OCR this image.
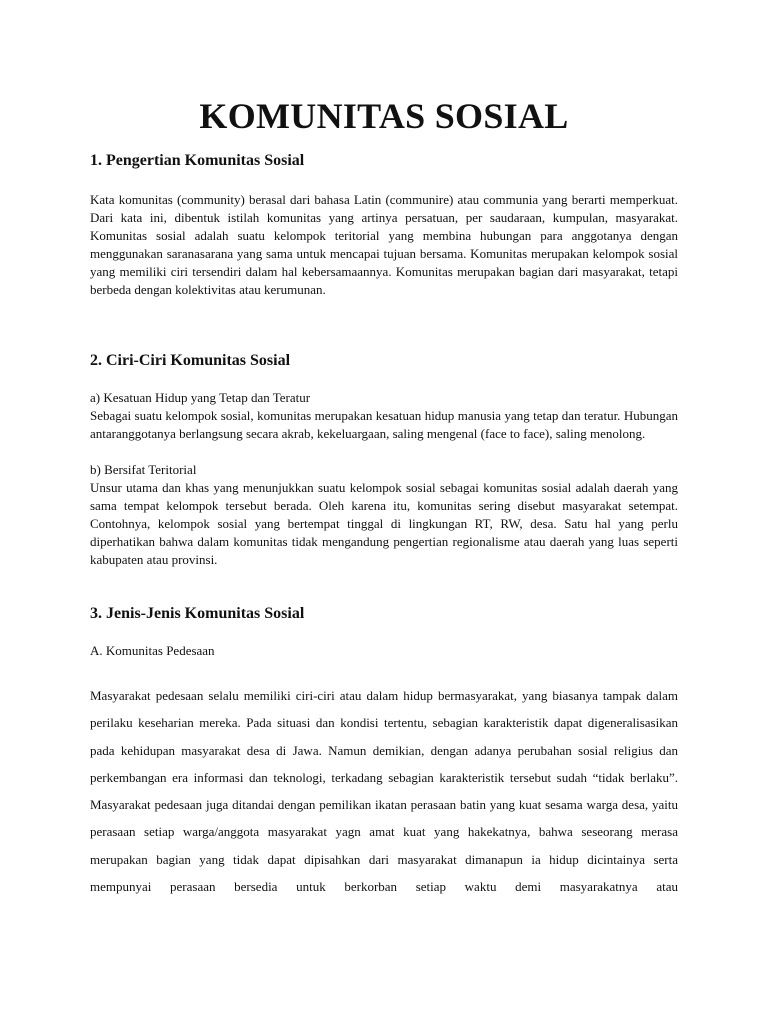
KOMUNITAS SOSIAL
1. Pengertian Komunitas Sosial

Kata komunitas (community) berasal dari bahasa Latin (communire) atau communia yang berarti memperkuat. Dari kata ini, dibentuk istilah komunitas yang artinya persatuan, per saudaraan, kumpulan, masyarakat. Komunitas sosial adalah suatu kelompok teritorial yang membina hubungan para anggotanya dengan menggunakan saranasarana yang sama untuk mencapai tujuan bersama. Komunitas merupakan kelompok sosial yang memiliki ciri tersendiri dalam hal kebersamaannya. Komunitas merupakan bagian dari masyarakat, tetapi berbeda dengan kolektivitas atau kerumunan.

2. Ciri-Ciri Komunitas Sosial

a) Kesatuan Hidup yang Tetap dan Teratur

Sebagai suatu kelompok sosial, komunitas merupakan kesatuan hidup manusia yang tetap dan teratur. Hubungan antaranggotanya berlangsung secara akrab, kekeluargaan, saling mengenal (face to face), saling menolong.

b) Bersifat Teritorial

Unsur utama dan khas yang menunjukkan suatu kelompok sosial sebagai komunitas sosial adalah daerah yang sama tempat kelompok tersebut berada. Oleh karena itu, komunitas sering disebut masyarakat setempat. Contohnya, kelompok sosial yang bertempat tinggal di lingkungan RT, RW, desa. Satu hal yang perlu diperhatikan bahwa dalam komunitas tidak mengandung pengertian regionalisme atau daerah yang luas seperti kabupaten atau provinsi.

3. Jenis-Jenis Komunitas Sosial

A. Komunitas Pedesaan

Masyarakat pedesaan selalu memiliki ciri-ciri atau dalam hidup bermasyarakat, yang biasanya tampak dalam perilaku keseharian mereka. Pada situasi dan kondisi tertentu, sebagian karakteristik dapat digeneralisasikan pada kehidupan masyarakat desa di Jawa. Namun demikian, dengan adanya perubahan sosial religius dan perkembangan era informasi dan teknologi, terkadang sebagian karakteristik tersebut sudah “tidak berlaku”. Masyarakat pedesaan juga ditandai dengan pemilikan ikatan perasaan batin yang kuat sesama warga desa, yaitu perasaan setiap warga/anggota masyarakat yagn amat kuat yang hakekatnya, bahwa seseorang merasa merupakan bagian yang tidak dapat dipisahkan dari masyarakat dimanapun ia hidup dicintainya serta mempunyai perasaan bersedia untuk berkorban setiap waktu demi masyarakatnya atau
